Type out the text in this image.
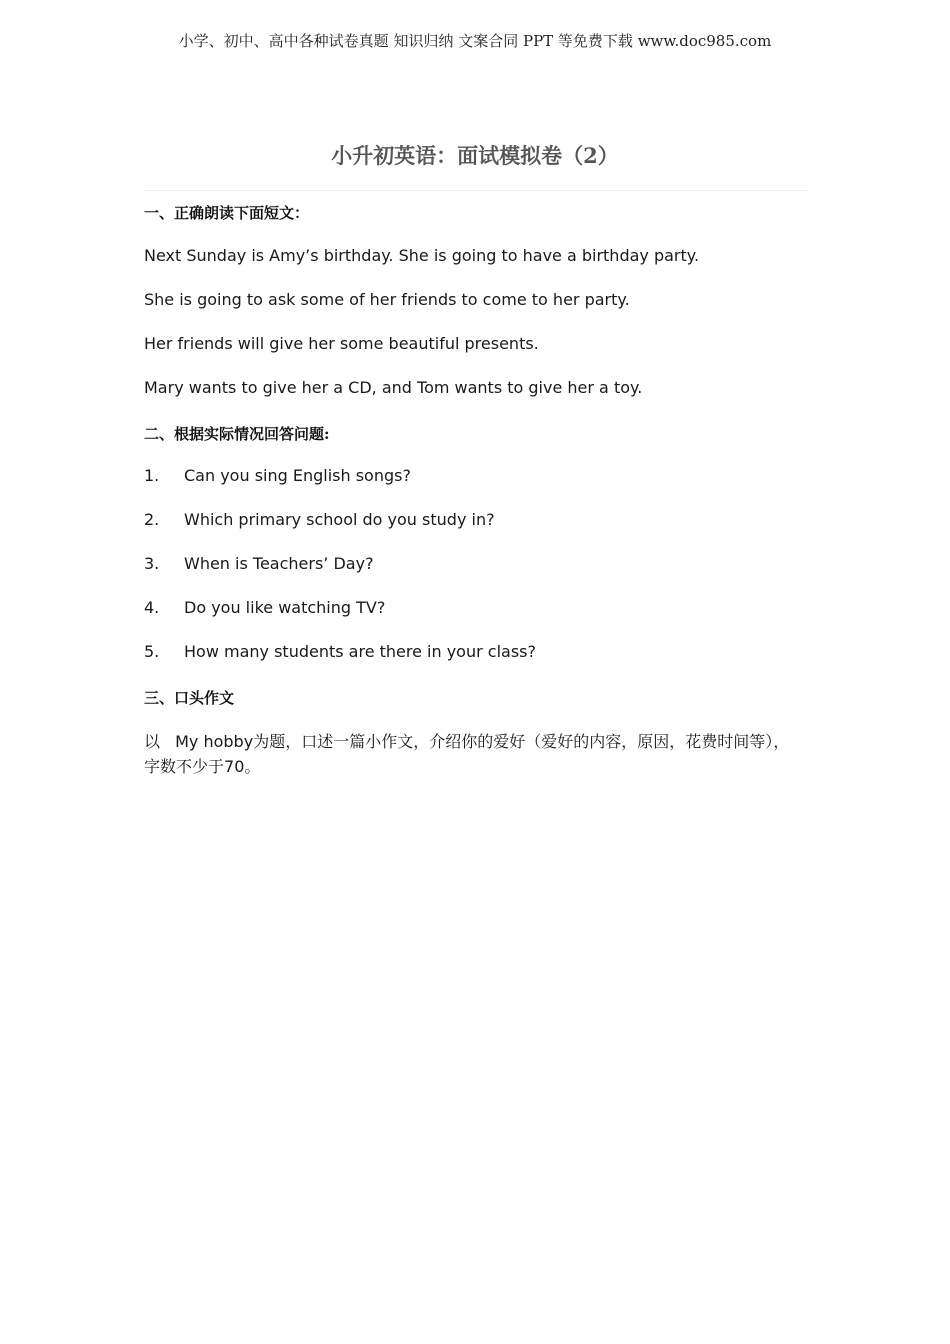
小学、初中、高中各种试卷真题 知识归纳 文案合同 PPT 等免费下载 www.doc985.com
小升初英语：面试模拟卷（2）
一、正确朗读下面短文：
Next Sunday is Amy’s birthday. She is going to have a birthday party.
She is going to ask some of her friends to come to her party.
Her friends will give her some beautiful presents.
Mary wants to give her a CD, and Tom wants to give her a toy.
二、根据实际情况回答问题:
1. Can you sing English songs?
2. Which primary school do you study in?
3. When is Teachers’ Day?
4. Do you like watching TV?
5. How many students are there in your class?
三、口头作文
以 My hobby为题，口述一篇小作文，介绍你的爱好（爱好的内容，原因，花费时间等），字数不少于70。
